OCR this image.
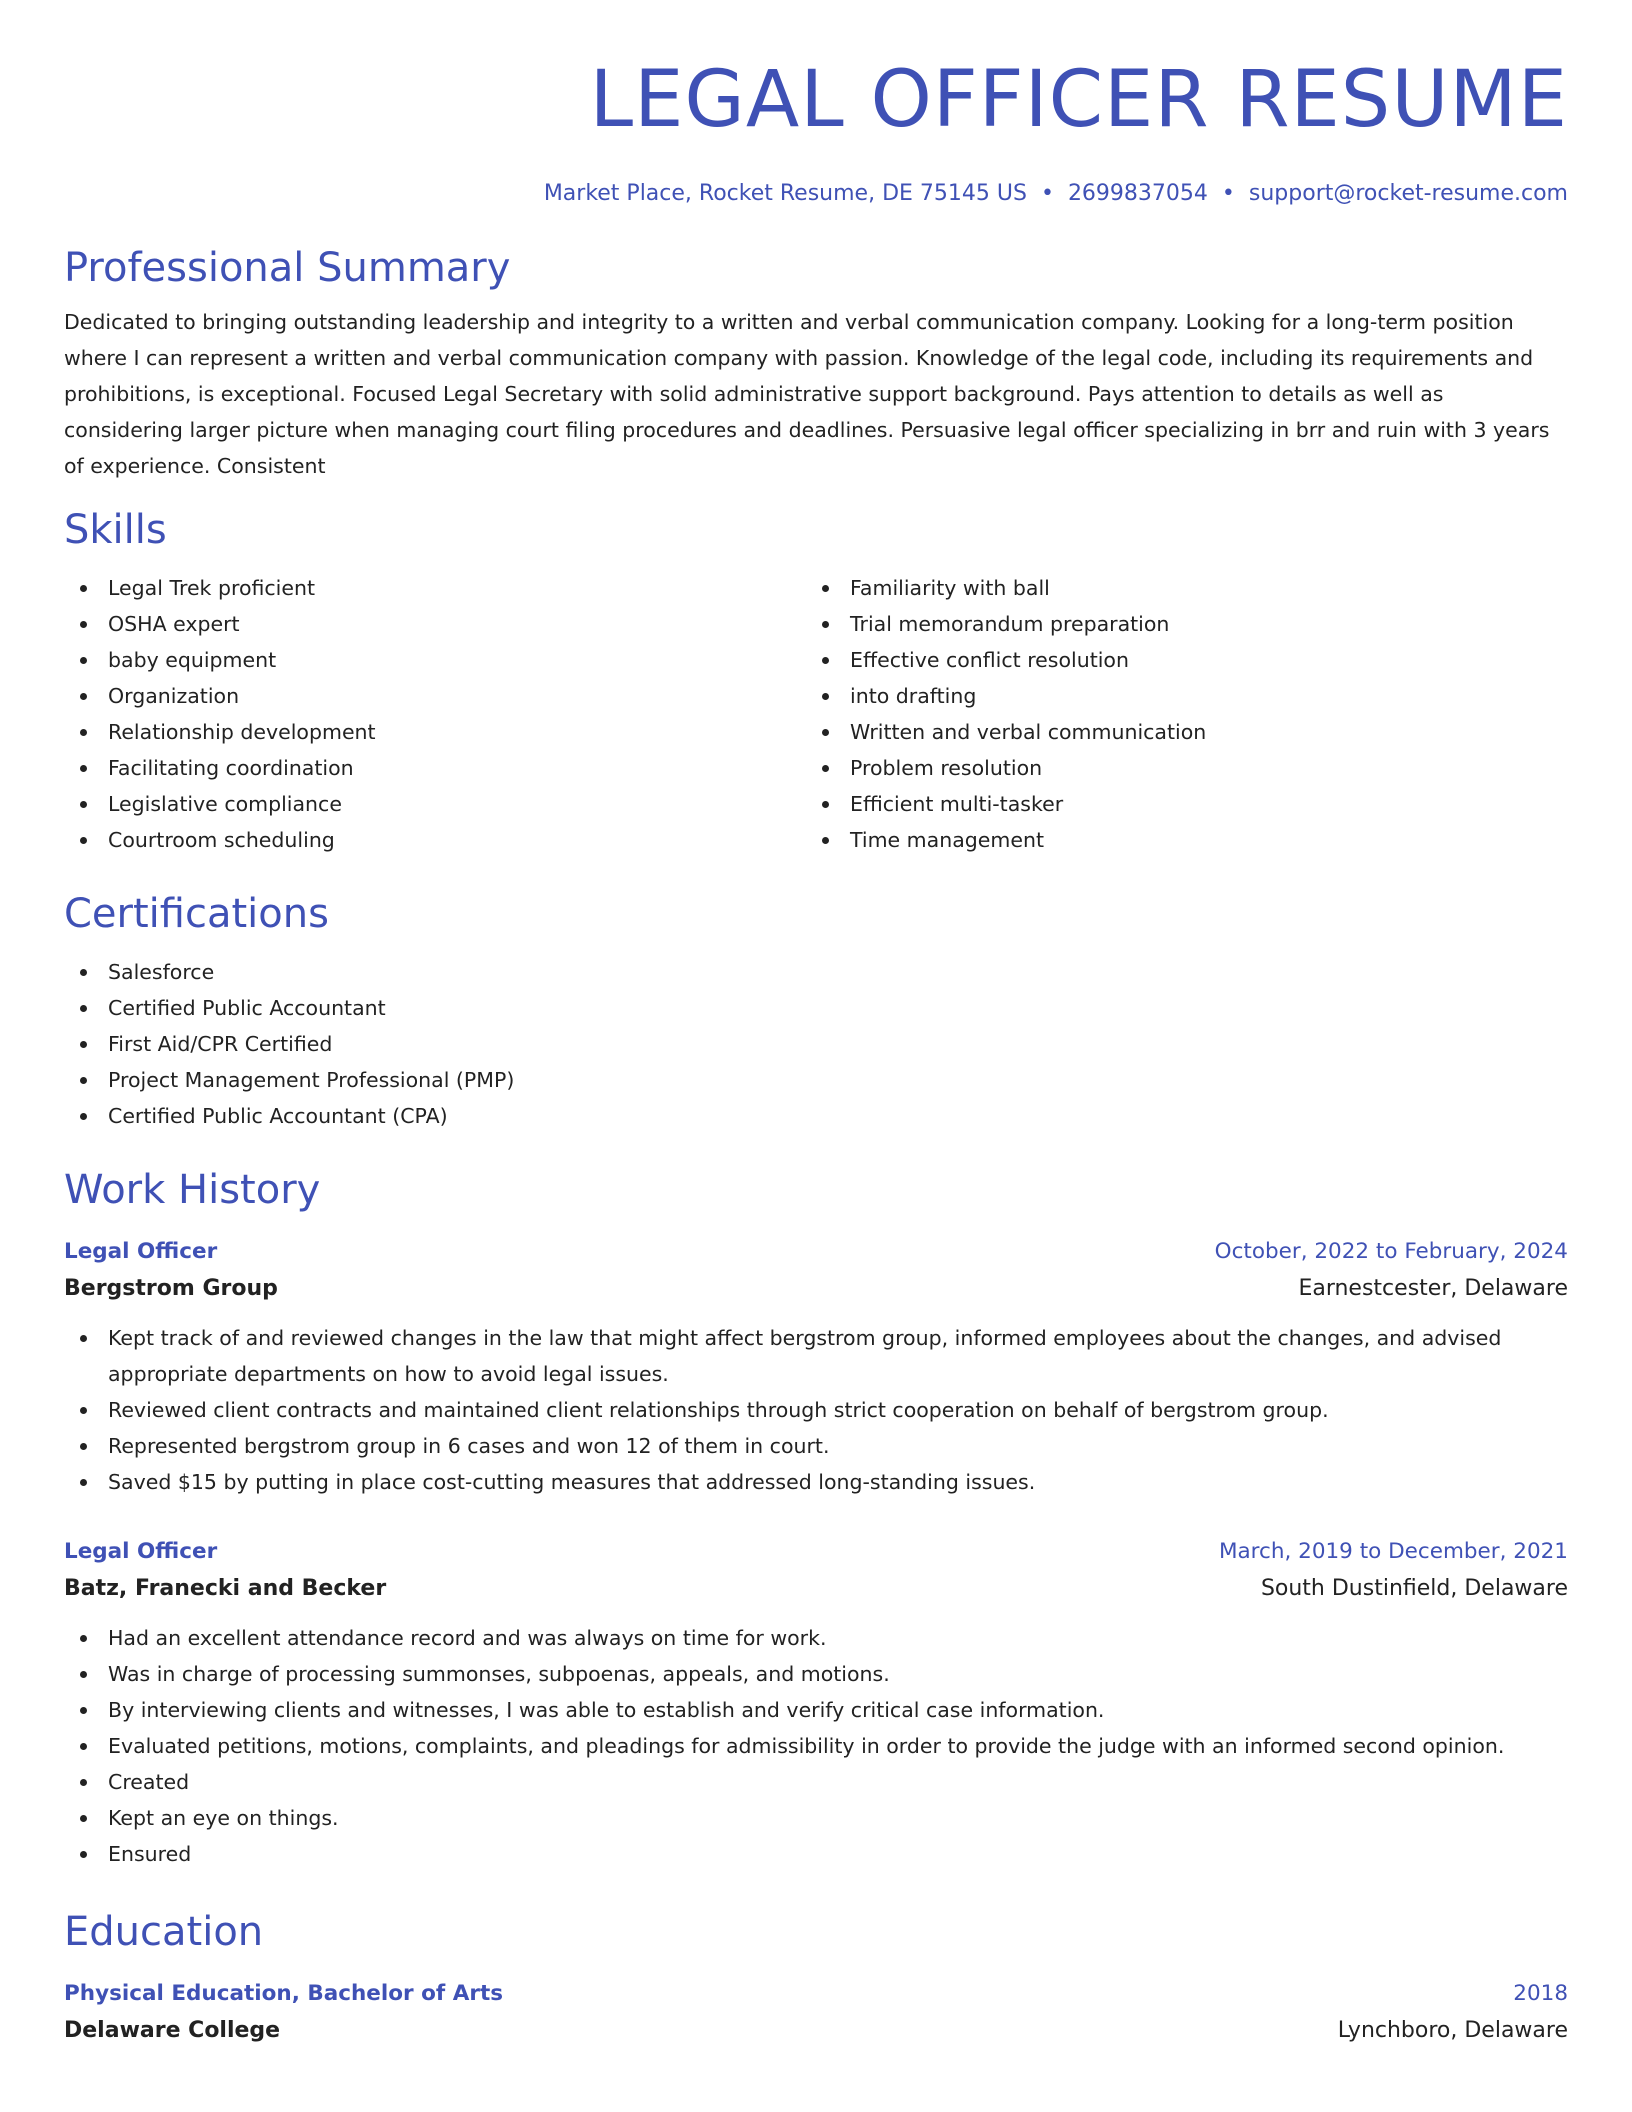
LEGAL OFFICER RESUME
Market Place, Rocket Resume, DE 75145 US • 2699837054 • support@rocket-resume.com
Professional Summary

Dedicated to bringing outstanding leadership and integrity to a written and verbal communication company. Looking for a long-term position where I can represent a written and verbal communication company with passion. Knowledge of the legal code, including its requirements and prohibitions, is exceptional. Focused Legal Secretary with solid administrative support background. Pays attention to details as well as considering larger picture when managing court filing procedures and deadlines. Persuasive legal officer specializing in brr and ruin with 3 years of experience. Consistent

Skills
Legal Trek proficient
OSHA expert
baby equipment
Organization
Relationship development
Facilitating coordination
Legislative compliance
Courtroom scheduling
Familiarity with ball
Trial memorandum preparation
Effective conflict resolution
into drafting
Written and verbal communication
Problem resolution
Efficient multi-tasker
Time management
Certifications
Salesforce
Certified Public Accountant
First Aid/CPR Certified
Project Management Professional (PMP)
Certified Public Accountant (CPA)
Work History
Legal Officer	October, 2022 to February, 2024
Bergstrom Group	Earnestcester, Delaware
Kept track of and reviewed changes in the law that might affect bergstrom group, informed employees about the changes, and advised appropriate departments on how to avoid legal issues.
Reviewed client contracts and maintained client relationships through strict cooperation on behalf of bergstrom group.
Represented bergstrom group in 6 cases and won 12 of them in court.
Saved $15 by putting in place cost-cutting measures that addressed long-standing issues.
Legal Officer	March, 2019 to December, 2021
Batz, Franecki and Becker	South Dustinfield, Delaware
Had an excellent attendance record and was always on time for work.
Was in charge of processing summonses, subpoenas, appeals, and motions.
By interviewing clients and witnesses, I was able to establish and verify critical case information.
Evaluated petitions, motions, complaints, and pleadings for admissibility in order to provide the judge with an informed second opinion.
Created
Kept an eye on things.
Ensured
Education
Physical Education, Bachelor of Arts	2018
Delaware College	Lynchboro, Delaware
